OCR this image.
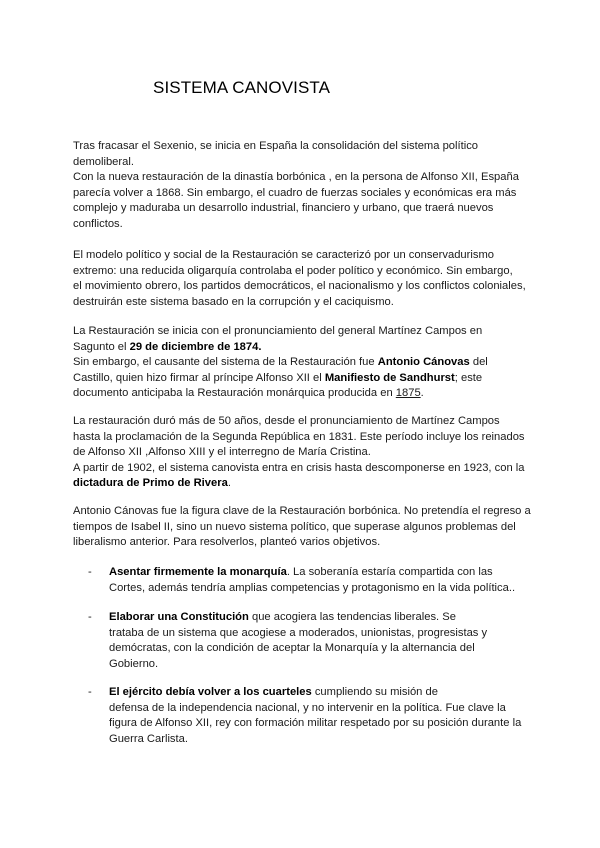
SISTEMA CANOVISTA
Tras fracasar el Sexenio, se inicia en España la consolidación del sistema político
demoliberal.
Con la nueva restauración de la dinastía borbónica , en la persona de Alfonso XII, España
parecía volver a 1868. Sin embargo, el cuadro de fuerzas sociales y económicas era más
complejo y maduraba un desarrollo industrial, financiero y urbano, que traerá nuevos
conflictos.
El modelo político y social de la Restauración se caracterizó por un conservadurismo
extremo: una reducida oligarquía controlaba el poder político y económico. Sin embargo,
el movimiento obrero, los partidos democráticos, el nacionalismo y los conflictos coloniales,
destruirán este sistema basado en la corrupción y el caciquismo.
La Restauración se inicia con el pronunciamiento del general Martínez Campos en
Sagunto el 29 de diciembre de 1874.
Sin embargo, el causante del sistema de la Restauración fue Antonio Cánovas del
Castillo, quien hizo firmar al príncipe Alfonso XII el Manifiesto de Sandhurst; este
documento anticipaba la Restauración monárquica producida en 1875.
La restauración duró más de 50 años, desde el pronunciamiento de Martínez Campos
hasta la proclamación de la Segunda República en 1831. Este período incluye los reinados
de Alfonso XII ,Alfonso XIII y el interregno de María Cristina.
A partir de 1902, el sistema canovista entra en crisis hasta descomponerse en 1923, con la
dictadura de Primo de Rivera.
Antonio Cánovas fue la figura clave de la Restauración borbónica. No pretendía el regreso a
tiempos de Isabel II, sino un nuevo sistema político, que superase algunos problemas del
liberalismo anterior. Para resolverlos, planteó varios objetivos.
- Asentar firmemente la monarquía. La soberanía estaría compartida con las
Cortes, además tendría amplias competencias y protagonismo en la vida política..
- Elaborar una Constitución que acogiera las tendencias liberales. Se
trataba de un sistema que acogiese a moderados, unionistas, progresistas y
demócratas, con la condición de aceptar la Monarquía y la alternancia del
Gobierno.
- El ejército debía volver a los cuarteles cumpliendo su misión de
defensa de la independencia nacional, y no intervenir en la política. Fue clave la
figura de Alfonso XII, rey con formación militar respetado por su posición durante la
Guerra Carlista.
